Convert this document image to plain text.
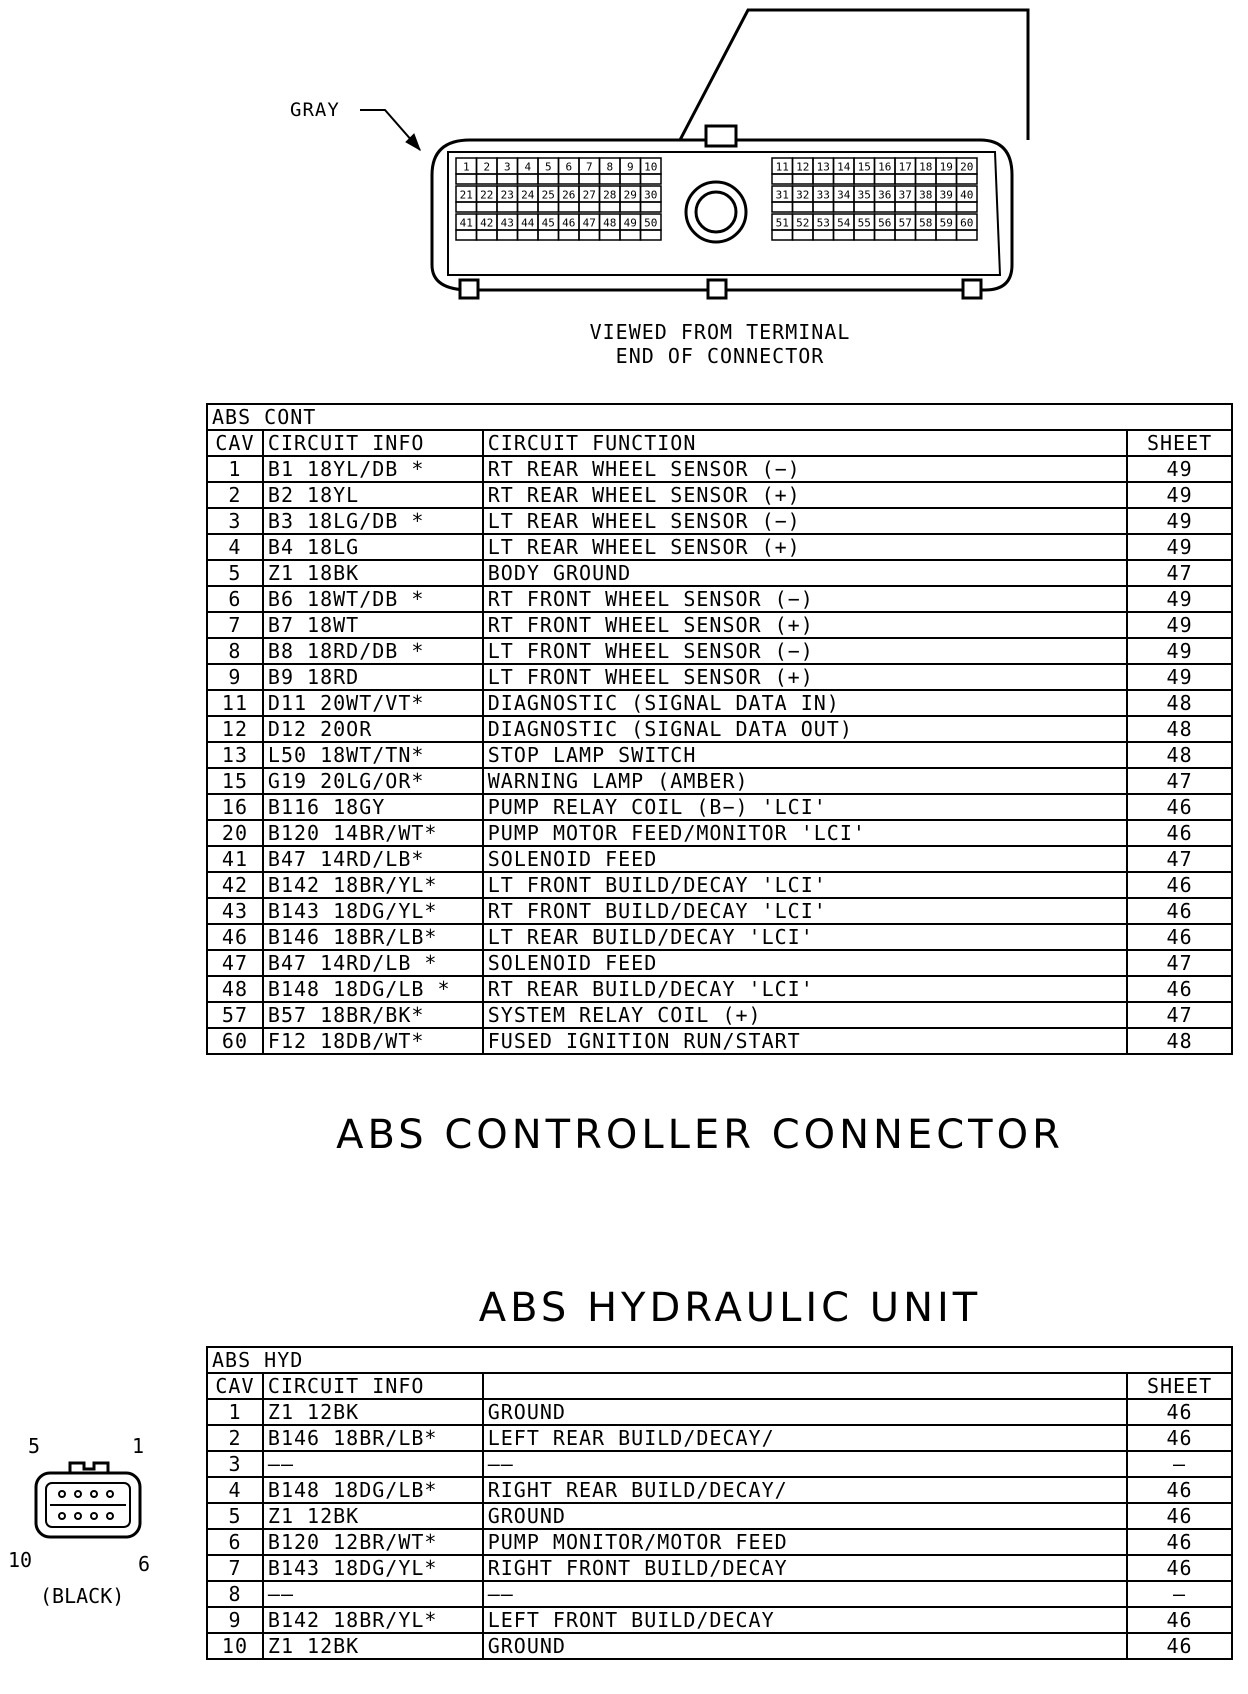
1 2 3 4 5 6 7 8 9 10
21 22 23 24 25 26 27 28 29 30
41 42 43 44 45 46 47 48 49 50
11 12 13 14 15 16 17 18 19 20
31 32 33 34 35 36 37 38 39 40
51 52 53 54 55 56 57 58 59 60
GRAY
VIEWED FROM TERMINAL
END OF CONNECTOR
ABS CONT			
CAV	CIRCUIT INFO	CIRCUIT FUNCTION	SHEET
1	B1 18YL/DB *	RT REAR WHEEL SENSOR (−)	49
2	B2 18YL	RT REAR WHEEL SENSOR (+)	49
3	B3 18LG/DB *	LT REAR WHEEL SENSOR (−)	49
4	B4 18LG	LT REAR WHEEL SENSOR (+)	49
5	Z1 18BK	BODY GROUND	47
6	B6 18WT/DB *	RT FRONT WHEEL SENSOR (−)	49
7	B7 18WT	RT FRONT WHEEL SENSOR (+)	49
8	B8 18RD/DB *	LT FRONT WHEEL SENSOR (−)	49
9	B9 18RD	LT FRONT WHEEL SENSOR (+)	49
11	D11 20WT/VT*	DIAGNOSTIC (SIGNAL DATA IN)	48
12	D12 20OR	DIAGNOSTIC (SIGNAL DATA OUT)	48
13	L50 18WT/TN*	STOP LAMP SWITCH	48
15	G19 20LG/OR*	WARNING LAMP (AMBER)	47
16	B116 18GY	PUMP RELAY COIL (B−) 'LCI'	46
20	B120 14BR/WT*	PUMP MOTOR FEED/MONITOR 'LCI'	46
41	B47 14RD/LB*	SOLENOID FEED	47
42	B142 18BR/YL*	LT FRONT BUILD/DECAY 'LCI'	46
43	B143 18DG/YL*	RT FRONT BUILD/DECAY 'LCI'	46
46	B146 18BR/LB*	LT REAR BUILD/DECAY 'LCI'	46
47	B47 14RD/LB *	SOLENOID FEED	47
48	B148 18DG/LB *	RT REAR BUILD/DECAY 'LCI'	46
57	B57 18BR/BK*	SYSTEM RELAY COIL (+)	47
60	F12 18DB/WT*	FUSED IGNITION RUN/START	48
ABS CONTROLLER CONNECTOR
ABS HYDRAULIC UNIT
ABS HYD			
CAV	CIRCUIT INFO		SHEET
1	Z1 12BK	GROUND	46
2	B146 18BR/LB*	LEFT REAR BUILD/DECAY/	46
3	——	——	—
4	B148 18DG/LB*	RIGHT REAR BUILD/DECAY/	46
5	Z1 12BK	GROUND	46
6	B120 12BR/WT*	PUMP MONITOR/MOTOR FEED	46
7	B143 18DG/YL*	RIGHT FRONT BUILD/DECAY	46
8	——	——	—
9	B142 18BR/YL*	LEFT FRONT BUILD/DECAY	46
10	Z1 12BK	GROUND	46
5	1
10	6
(BLACK)
